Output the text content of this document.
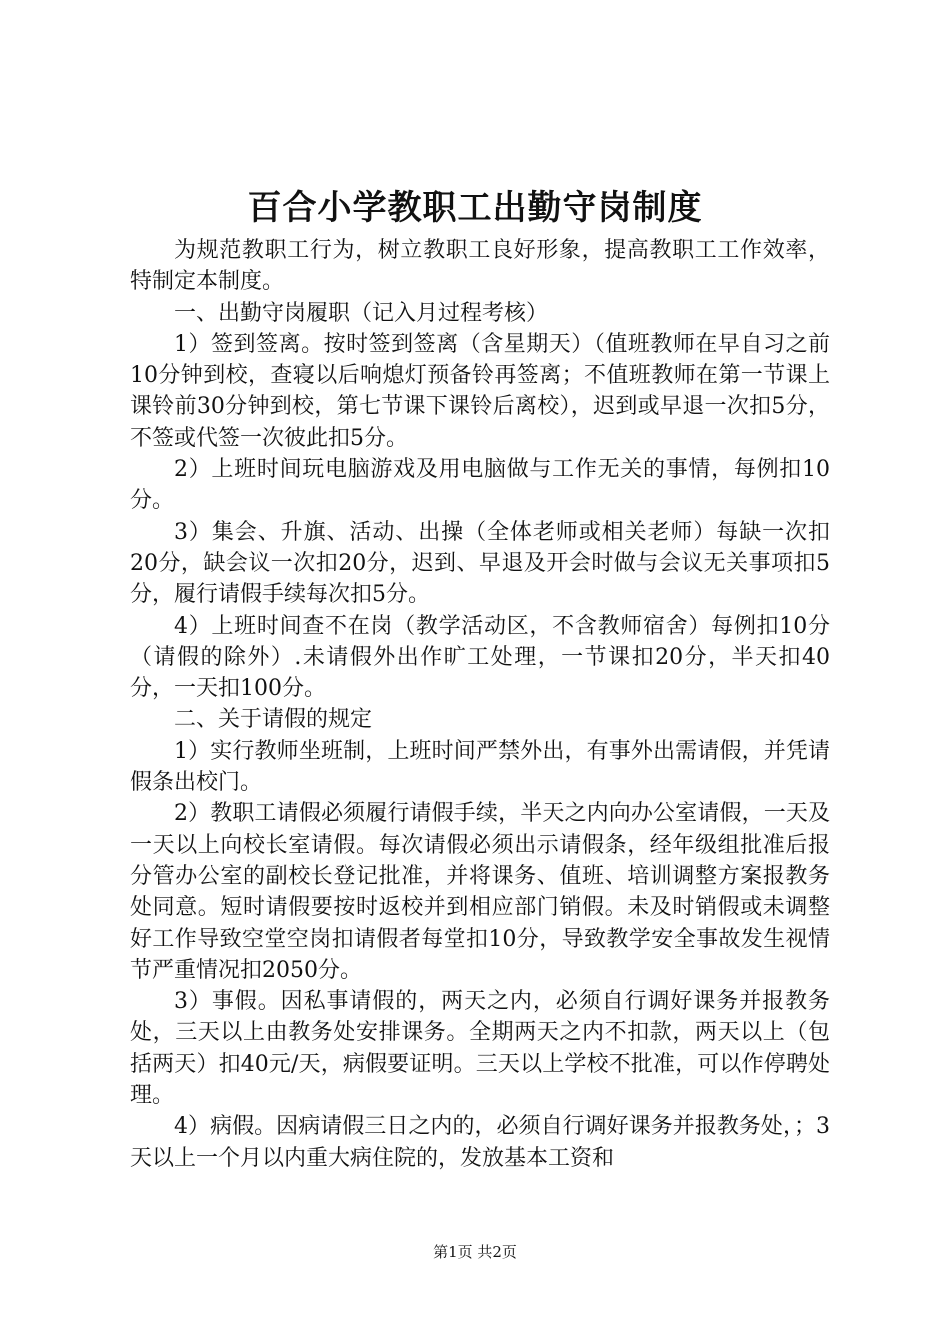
百合小学教职工出勤守岗制度

为规范教职工行为，树立教职工良好形象，提高教职工工作效率，特制定本制度。

一、出勤守岗履职（记入月过程考核）

1）签到签离。按时签到签离（含星期天）（值班教师在早自习之前10分钟到校，查寝以后响熄灯预备铃再签离；不值班教师在第一节课上课铃前30分钟到校，第七节课下课铃后离校），迟到或早退一次扣5分，不签或代签一次彼此扣5分。

2）上班时间玩电脑游戏及用电脑做与工作无关的事情，每例扣10分。

3）集会、升旗、活动、出操（全体老师或相关老师）每缺一次扣20分，缺会议一次扣20分，迟到、早退及开会时做与会议无关事项扣5分，履行请假手续每次扣5分。

4）上班时间查不在岗（教学活动区，不含教师宿舍）每例扣10分（请假的除外）.未请假外出作旷工处理，一节课扣20分，半天扣40分，一天扣100分。

二、关于请假的规定

1）实行教师坐班制，上班时间严禁外出，有事外出需请假，并凭请假条出校门。

2）教职工请假必须履行请假手续，半天之内向办公室请假，一天及一天以上向校长室请假。每次请假必须出示请假条，经年级组批准后报分管办公室的副校长登记批准，并将课务、值班、培训调整方案报教务处同意。短时请假要按时返校并到相应部门销假。未及时销假或未调整好工作导致空堂空岗扣请假者每堂扣10分，导致教学安全事故发生视情节严重情况扣2050分。

3）事假。因私事请假的，两天之内，必须自行调好课务并报教务处，三天以上由教务处安排课务。全期两天之内不扣款，两天以上（包括两天）扣40元/天，病假要证明。三天以上学校不批准，可以作停聘处理。

4）病假。因病请假三日之内的，必须自行调好课务并报教务处，；3天以上一个月以内重大病住院的，发放基本工资和

第1页 共2页
